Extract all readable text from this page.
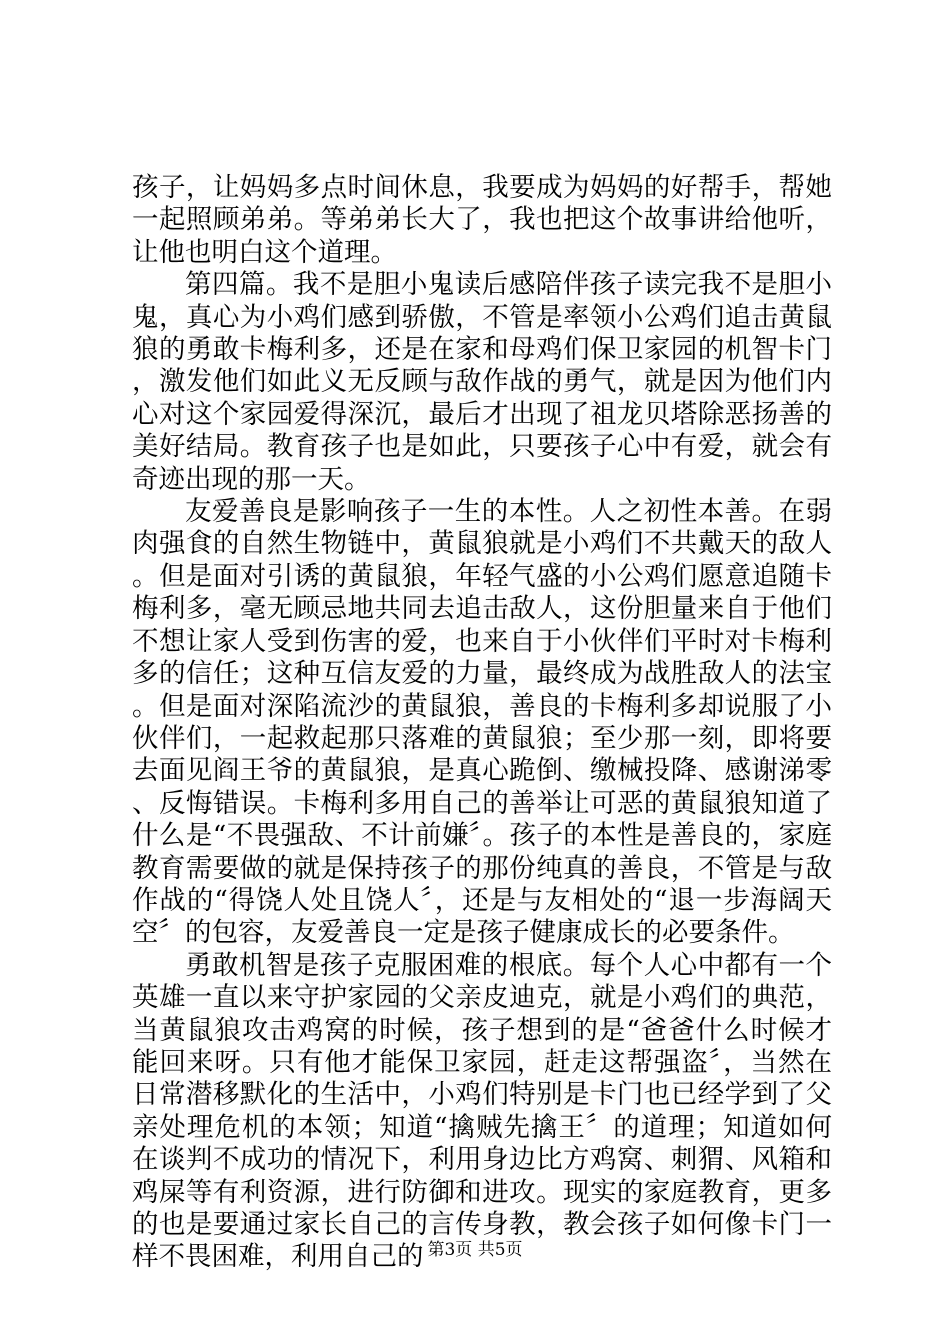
孩子，让妈妈多点时间休息，我要成为妈妈的好帮手，帮她一起照顾弟弟。等弟弟长大了，我也把这个故事讲给他听，让他也明白这个道理。

第四篇。我不是胆小鬼读后感陪伴孩子读完我不是胆小鬼，真心为小鸡们感到骄傲，不管是率领小公鸡们追击黄鼠狼的勇敢卡梅利多，还是在家和母鸡们保卫家园的机智卡门，激发他们如此义无反顾与敌作战的勇气，就是因为他们内心对这个家园爱得深沉，最后才出现了祖龙贝塔除恶扬善的美好结局。教育孩子也是如此，只要孩子心中有爱，就会有奇迹出现的那一天。

友爱善良是影响孩子一生的本性。人之初性本善。在弱肉强食的自然生物链中，黄鼠狼就是小鸡们不共戴天的敌人。但是面对引诱的黄鼠狼，年轻气盛的小公鸡们愿意追随卡梅利多，毫无顾忌地共同去追击敌人，这份胆量来自于他们不想让家人受到伤害的爱，也来自于小伙伴们平时对卡梅利多的信任；这种互信友爱的力量，最终成为战胜敌人的法宝。但是面对深陷流沙的黄鼠狼，善良的卡梅利多却说服了小伙伴们，一起救起那只落难的黄鼠狼；至少那一刻，即将要去面见阎王爷的黄鼠狼，是真心跪倒、缴械投降、感谢涕零、反悔错误。卡梅利多用自己的善举让可恶的黄鼠狼知道了什么是“不畏强敌、不计前嫌〞。孩子的本性是善良的，家庭教育需要做的就是保持孩子的那份纯真的善良，不管是与敌作战的“得饶人处且饶人〞，还是与友相处的“退一步海阔天空〞的包容，友爱善良一定是孩子健康成长的必要条件。

勇敢机智是孩子克服困难的根底。每个人心中都有一个英雄一直以来守护家园的父亲皮迪克，就是小鸡们的典范，当黄鼠狼攻击鸡窝的时候，孩子想到的是“爸爸什么时候才能回来呀。只有他才能保卫家园，赶走这帮强盗〞，当然在日常潜移默化的生活中，小鸡们特别是卡门也已经学到了父亲处理危机的本领；知道“擒贼先擒王〞的道理；知道如何在谈判不成功的情况下，利用身边比方鸡窝、刺猬、风箱和鸡屎等有利资源，进行防御和进攻。现实的家庭教育，更多的也是要通过家长自己的言传身教，教会孩子如何像卡门一样不畏困难，利用自己的 第3页 共5页
